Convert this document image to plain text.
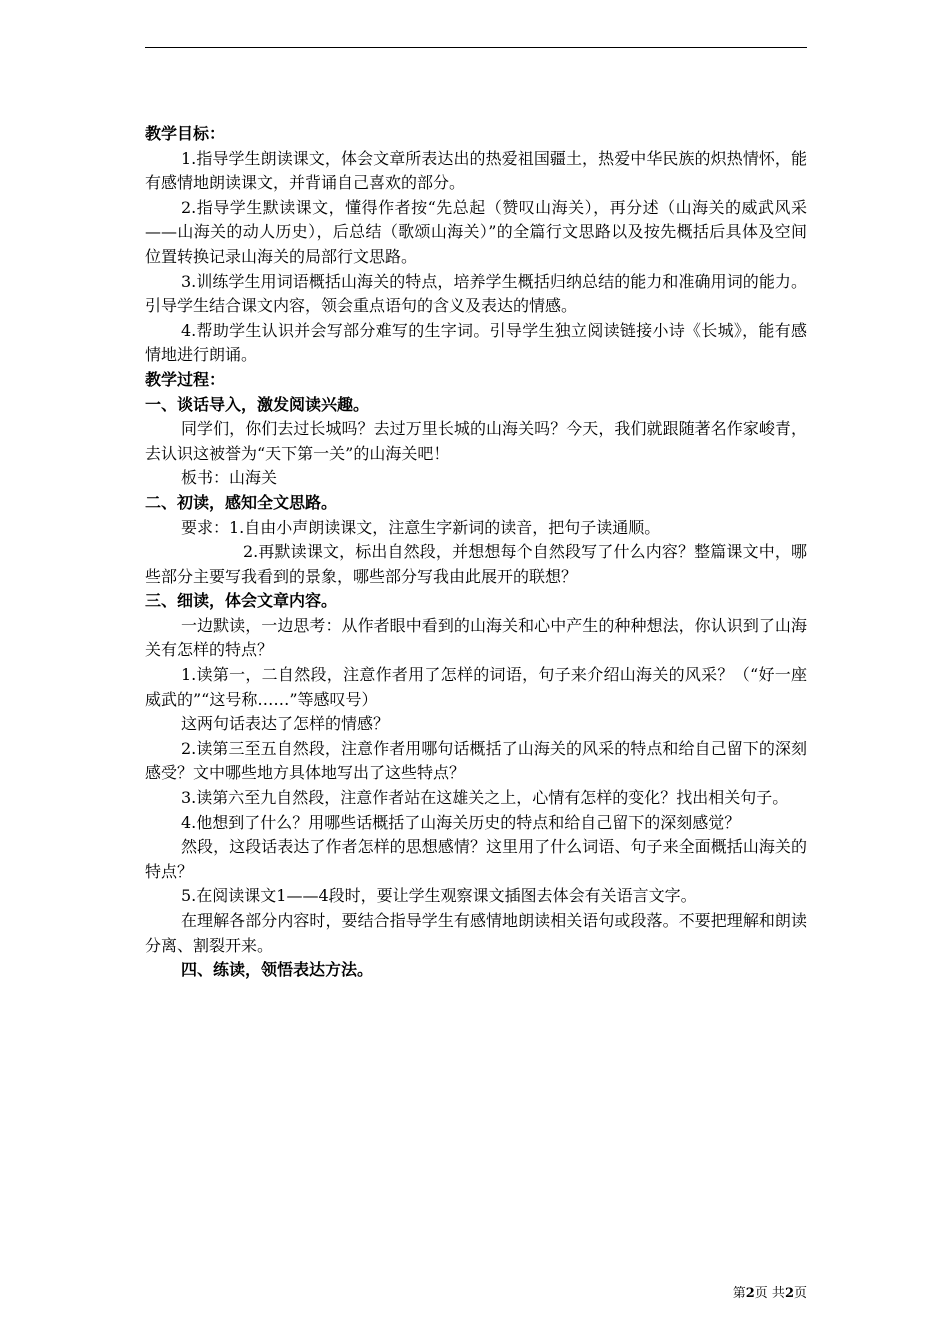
教学目标：

1.指导学生朗读课文，体会文章所表达出的热爱祖国疆土，热爱中华民族的炽热情怀，能有感情地朗读课文，并背诵自己喜欢的部分。

2.指导学生默读课文，懂得作者按“先总起（赞叹山海关），再分述（山海关的威武风采——山海关的动人历史），后总结（歌颂山海关）”的全篇行文思路以及按先概括后具体及空间位置转换记录山海关的局部行文思路。

3.训练学生用词语概括山海关的特点，培养学生概括归纳总结的能力和准确用词的能力。引导学生结合课文内容，领会重点语句的含义及表达的情感。

4.帮助学生认识并会写部分难写的生字词。引导学生独立阅读链接小诗《长城》，能有感情地进行朗诵。

教学过程：

一、谈话导入，激发阅读兴趣。

同学们，你们去过长城吗？去过万里长城的山海关吗？今天，我们就跟随著名作家峻青，去认识这被誉为“天下第一关”的山海关吧！

板书：山海关

二、初读，感知全文思路。

要求：1.自由小声朗读课文，注意生字新词的读音，把句子读通顺。

2.再默读课文，标出自然段，并想想每个自然段写了什么内容？整篇课文中，哪些部分主要写我看到的景象，哪些部分写我由此展开的联想？

三、细读，体会文章内容。

一边默读，一边思考：从作者眼中看到的山海关和心中产生的种种想法，你认识到了山海关有怎样的特点？

1.读第一，二自然段，注意作者用了怎样的词语，句子来介绍山海关的风采？（“好一座威武的”“这号称……”等感叹号）

这两句话表达了怎样的情感？

2.读第三至五自然段，注意作者用哪句话概括了山海关的风采的特点和给自己留下的深刻感受？文中哪些地方具体地写出了这些特点？

3.读第六至九自然段，注意作者站在这雄关之上，心情有怎样的变化？找出相关句子。

4.他想到了什么？用哪些话概括了山海关历史的特点和给自己留下的深刻感觉？

然段，这段话表达了作者怎样的思想感情？这里用了什么词语、句子来全面概括山海关的特点？

5.在阅读课文1——4段时，要让学生观察课文插图去体会有关语言文字。

在理解各部分内容时，要结合指导学生有感情地朗读相关语句或段落。不要把理解和朗读分离、割裂开来。

四、练读，领悟表达方法。

第2页 共2页
